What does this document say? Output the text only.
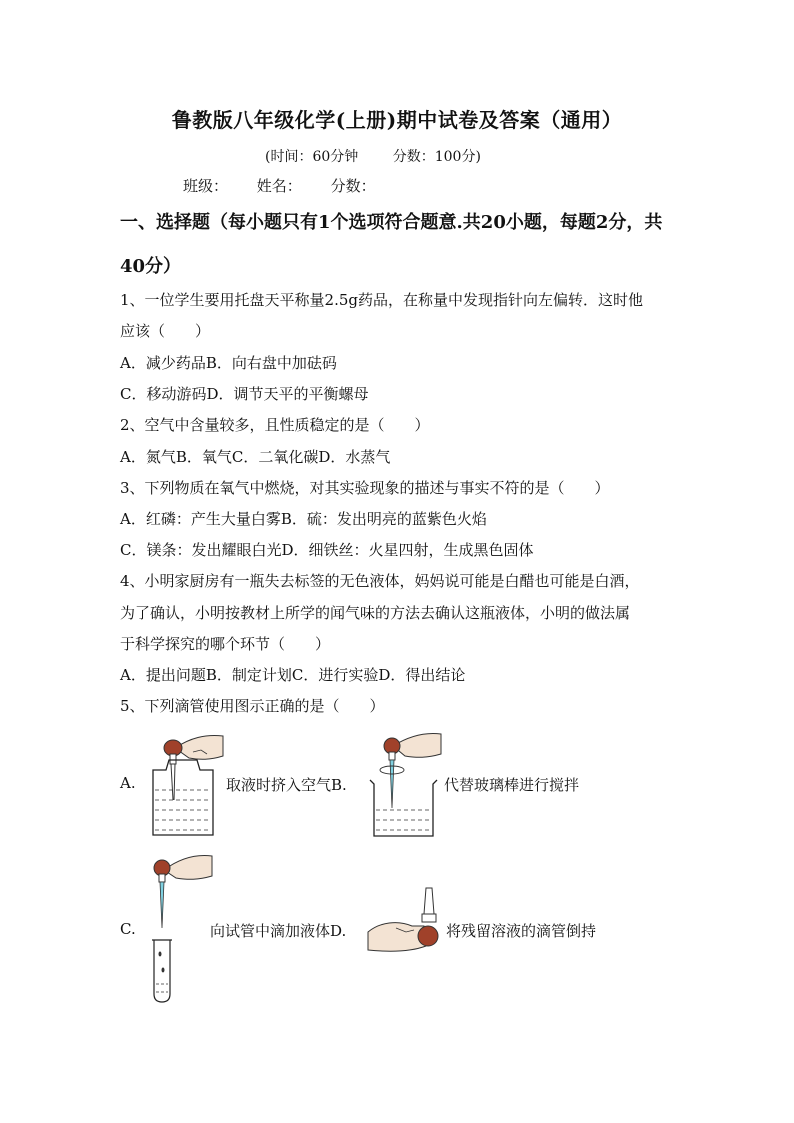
鲁教版八年级化学(上册)期中试卷及答案（通用）
(时间：60分钟 分数：100分)
班级： 姓名： 分数：
一、选择题（每小题只有1个选项符合题意.共20小题，每题2分，共
40分）
1、一位学生要用托盘天平称量2.5g药品，在称量中发现指针向左偏转．这时他
应该（　　）
A．减少药品B．向右盘中加砝码
C．移动游码D．调节天平的平衡螺母
2、空气中含量较多，且性质稳定的是（　　）
A．氮气B．氧气C．二氧化碳D．水蒸气
3、下列物质在氧气中燃烧，对其实验现象的描述与事实不符的是（　　）
A．红磷：产生大量白雾B．硫：发出明亮的蓝紫色火焰
C．镁条：发出耀眼白光D．细铁丝：火星四射，生成黑色固体
4、小明家厨房有一瓶失去标签的无色液体，妈妈说可能是白醋也可能是白酒，
为了确认，小明按教材上所学的闻气味的方法去确认这瓶液体，小明的做法属
于科学探究的哪个环节（　　）
A．提出问题B．制定计划C．进行实验D．得出结论
5、下列滴管使用图示正确的是（　　）
A.	取液时挤入空气B.	代替玻璃棒进行搅拌
C.	向试管中滴加液体D.	将残留溶液的滴管倒持
